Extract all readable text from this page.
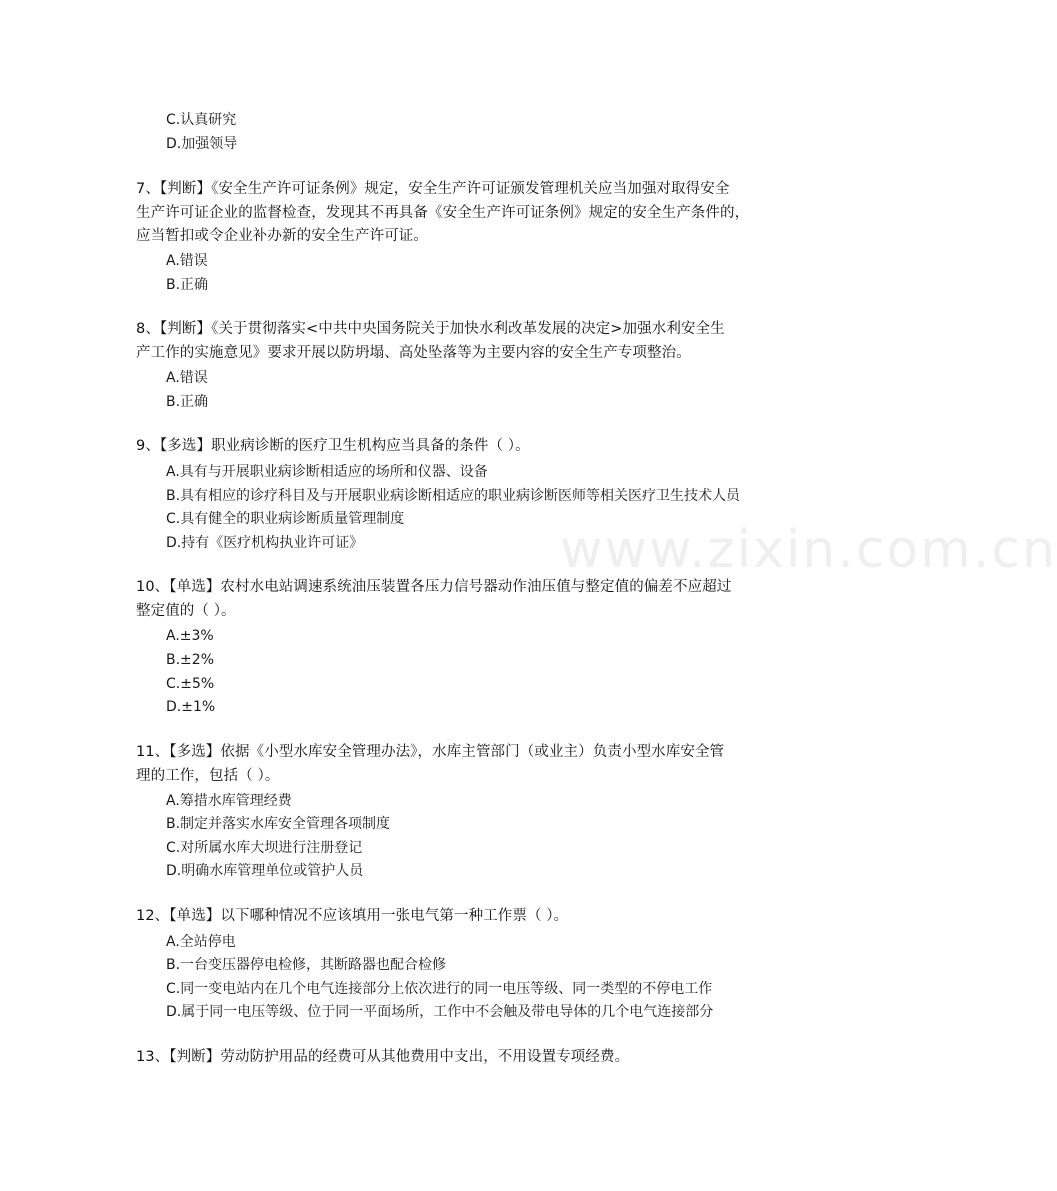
www.zixin.com.cn
C.认真研究
D.加强领导
7、【判断】《安全生产许可证条例》规定，安全生产许可证颁发管理机关应当加强对取得安全
生产许可证企业的监督检查，发现其不再具备《安全生产许可证条例》规定的安全生产条件的，
应当暂扣或令企业补办新的安全生产许可证。
A.错误
B.正确
8、【判断】《关于贯彻落实<中共中央国务院关于加快水利改革发展的决定>加强水利安全生
产工作的实施意见》要求开展以防坍塌、高处坠落等为主要内容的安全生产专项整治。
A.错误
B.正确
9、【多选】职业病诊断的医疗卫生机构应当具备的条件（ ）。
A.具有与开展职业病诊断相适应的场所和仪器、设备
B.具有相应的诊疗科目及与开展职业病诊断相适应的职业病诊断医师等相关医疗卫生技术人员
C.具有健全的职业病诊断质量管理制度
D.持有《医疗机构执业许可证》
10、【单选】农村水电站调速系统油压装置各压力信号器动作油压值与整定值的偏差不应超过
整定值的（ ）。
A.±3%
B.±2%
C.±5%
D.±1%
11、【多选】依据《小型水库安全管理办法》，水库主管部门（或业主）负责小型水库安全管
理的工作，包括（ ）。
A.筹措水库管理经费
B.制定并落实水库安全管理各项制度
C.对所属水库大坝进行注册登记
D.明确水库管理单位或管护人员
12、【单选】以下哪种情况不应该填用一张电气第一种工作票（ ）。
A.全站停电
B.一台变压器停电检修，其断路器也配合检修
C.同一变电站内在几个电气连接部分上依次进行的同一电压等级、同一类型的不停电工作
D.属于同一电压等级、位于同一平面场所，工作中不会触及带电导体的几个电气连接部分
13、【判断】劳动防护用品的经费可从其他费用中支出，不用设置专项经费。
